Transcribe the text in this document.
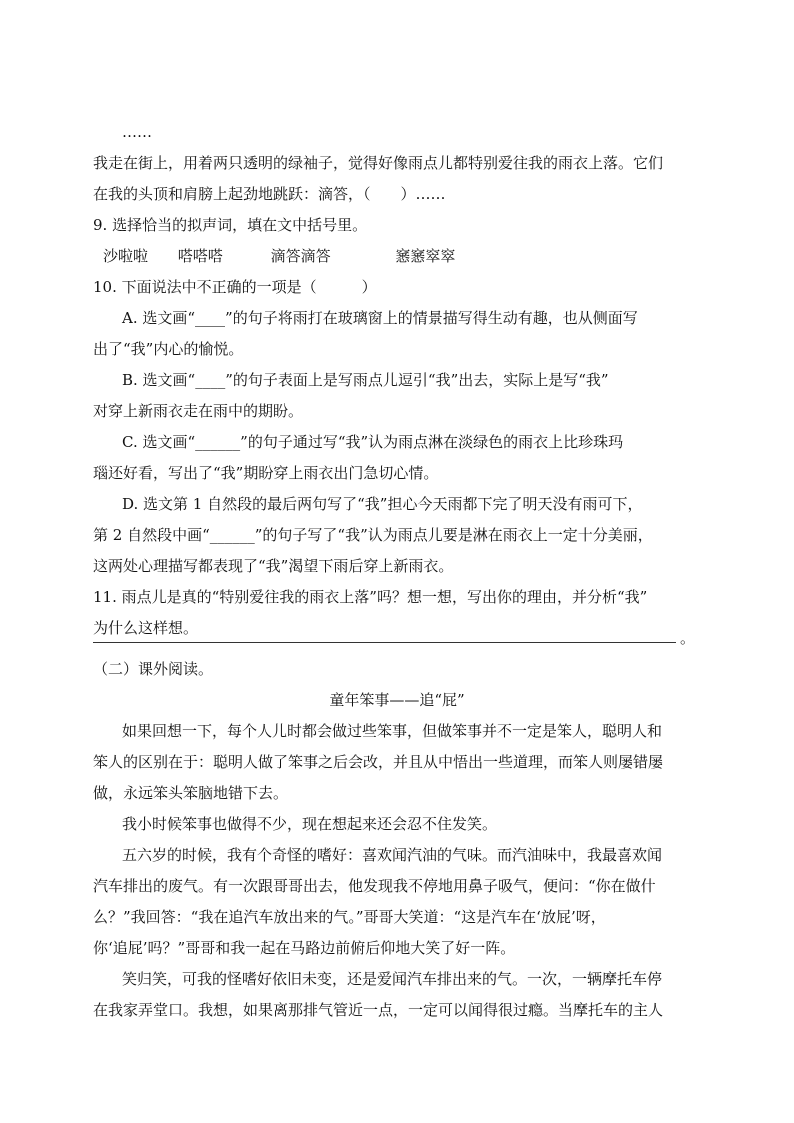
……

我走在街上，用着两只透明的绿袖子，觉得好像雨点儿都特别爱往我的雨衣上落。它们

在我的头顶和肩膀上起劲地跳跃：滴答，（　　）……

9. 选择恰当的拟声词，填在文中括号里。

沙啦啦 嗒嗒嗒	滴答滴答	窸窸窣窣

10. 下面说法中不正确的一项是（　　　）

A. 选文画“____”的句子将雨打在玻璃窗上的情景描写得生动有趣，也从侧面写

出了“我”内心的愉悦。

B. 选文画“____”的句子表面上是写雨点儿逗引“我”出去，实际上是写“我”

对穿上新雨衣走在雨中的期盼。

C. 选文画“______”的句子通过写“我”认为雨点淋在淡绿色的雨衣上比珍珠玛

瑙还好看，写出了“我”期盼穿上雨衣出门急切心情。

D. 选文第 1 自然段的最后两句写了“我”担心今天雨都下完了明天没有雨可下，

第 2 自然段中画“______”的句子写了“我”认为雨点儿要是淋在雨衣上一定十分美丽，

这两处心理描写都表现了“我”渴望下雨后穿上新雨衣。

11. 雨点儿是真的“特别爱往我的雨衣上落”吗？想一想，写出你的理由，并分析“我”

为什么这样想。

。

（二）课外阅读。

童年笨事——追“屁”

如果回想一下，每个人儿时都会做过些笨事，但做笨事并不一定是笨人，聪明人和

笨人的区别在于：聪明人做了笨事之后会改，并且从中悟出一些道理，而笨人则屡错屡

做，永远笨头笨脑地错下去。

我小时候笨事也做得不少，现在想起来还会忍不住发笑。

五六岁的时候，我有个奇怪的嗜好：喜欢闻汽油的气味。而汽油味中，我最喜欢闻

汽车排出的废气。有一次跟哥哥出去，他发现我不停地用鼻子吸气，便问：“你在做什

么？”我回答：“我在追汽车放出来的气。”哥哥大笑道：“这是汽车在‘放屁’呀，

你‘追屁’吗？”哥哥和我一起在马路边前俯后仰地大笑了好一阵。

笑归笑，可我的怪嗜好依旧未变，还是爱闻汽车排出来的气。一次，一辆摩托车停

在我家弄堂口。我想，如果离那排气管近一点，一定可以闻得很过瘾。当摩托车的主人
